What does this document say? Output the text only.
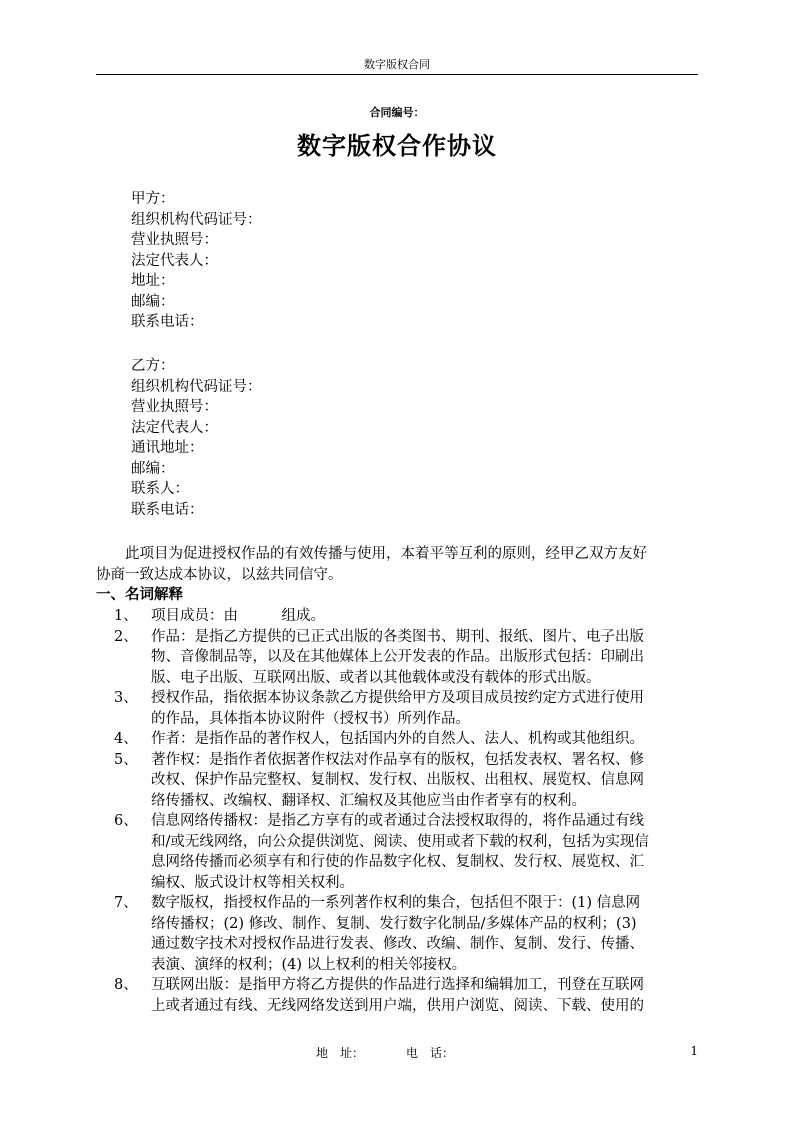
数字版权合同
合同编号：
数字版权合作协议
甲方：
组织机构代码证号：
营业执照号：
法定代表人：
地址：
邮编：
联系电话：
乙方：
组织机构代码证号：
营业执照号：
法定代表人：
通讯地址：
邮编：
联系人：
联系电话：
　　此项目为促进授权作品的有效传播与使用，本着平等互利的原则，经甲乙双方友好
协商一致达成本协议，以兹共同信守。
一、名词解释
1、 项目成员：由　　　组成。
2、 作品：是指乙方提供的已正式出版的各类图书、期刊、报纸、图片、电子出版
物、音像制品等，以及在其他媒体上公开发表的作品。出版形式包括：印刷出
版、电子出版、互联网出版、或者以其他载体或没有载体的形式出版。
3、 授权作品，指依据本协议条款乙方提供给甲方及项目成员按约定方式进行使用
的作品，具体指本协议附件（授权书）所列作品。
4、 作者：是指作品的著作权人，包括国内外的自然人、法人、机构或其他组织。
5、 著作权：是指作者依据著作权法对作品享有的版权，包括发表权、署名权、修
改权、保护作品完整权、复制权、发行权、出版权、出租权、展览权、信息网
络传播权、改编权、翻译权、汇编权及其他应当由作者享有的权利。
6、 信息网络传播权：是指乙方享有的或者通过合法授权取得的，将作品通过有线
和/或无线网络，向公众提供浏览、阅读、使用或者下载的权利，包括为实现信
息网络传播而必须享有和行使的作品数字化权、复制权、发行权、展览权、汇
编权、版式设计权等相关权利。
7、 数字版权，指授权作品的一系列著作权利的集合，包括但不限于：(1) 信息网
络传播权；(2) 修改、制作、复制、发行数字化制品/多媒体产品的权利；(3)
通过数字技术对授权作品进行发表、修改、改编、制作、复制、发行、传播、
表演、演绎的权利；(4) 以上权利的相关邻接权。
8、 互联网出版：是指甲方将乙方提供的作品进行选择和编辑加工，刊登在互联网
上或者通过有线、无线网络发送到用户端，供用户浏览、阅读、下载、使用的
地　址：	电　话：	1
